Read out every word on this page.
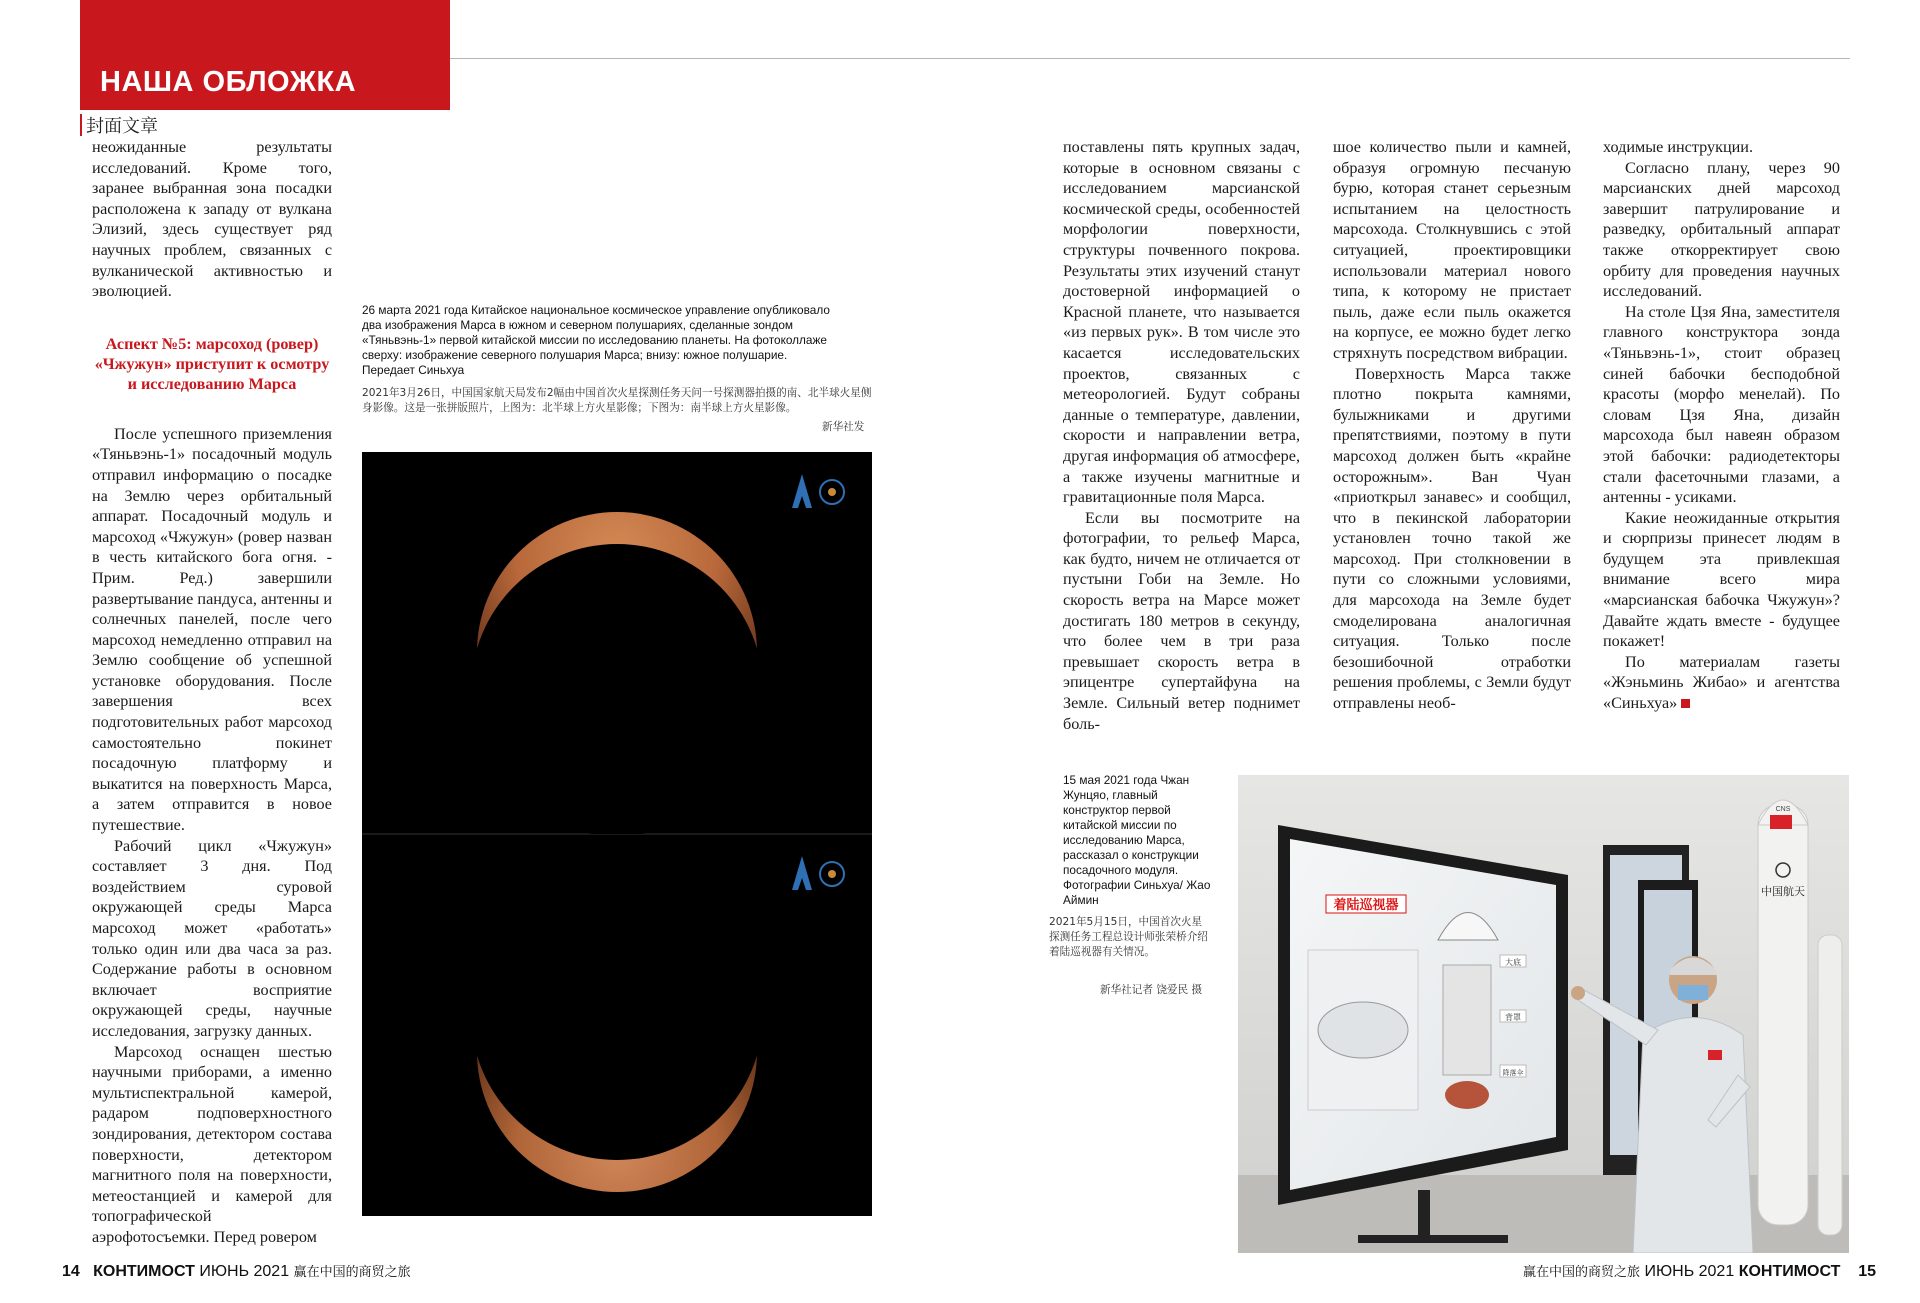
НАША ОБЛОЖКА
封面文章

неожиданные результаты исследований. Кроме того, заранее выбранная зона посадки расположена к западу от вулкана Элизий, здесь существует ряд научных проблем, связанных с вулканической активностью и эволюцией.

Аспект №5: марсоход (ровер) «Чжужун» приступит к осмотру и исследованию Марса

После успешного приземления «Тяньвэнь-1» посадочный модуль отправил информацию о посадке на Землю через орбитальный аппарат. Посадочный модуль и марсоход «Чжужун» (ровер назван в честь китайского бога огня. - Прим. Ред.) завершили развертывание пандуса, антенны и солнечных панелей, после чего марсоход немедленно отправил на Землю сообщение об успешной установке оборудования. После завершения всех подготовительных работ марсоход самостоятельно покинет посадочную платформу и выкатится на поверхность Марса, а затем отправится в новое путешествие.

Рабочий цикл «Чжужун» составляет 3 дня. Под воздействием суровой окружающей среды Марса марсоход может «работать» только один или два часа за раз. Содержание работы в основном включает восприятие окружающей среды, научные исследования, загрузку данных.

Марсоход оснащен шестью научными приборами, а именно мультиспектральной камерой, радаром подповерхностного зондирования, детектором состава поверхности, детектором магнитного поля на поверхности, метеостанцией и камерой для топографической аэрофотосъемки. Перед ровером

26 марта 2021 года Китайское национальное космическое управление опубликовало два изображения Марса в южном и северном полушариях, сделанные зондом «Тяньвэнь-1» первой китайской миссии по исследованию планеты. На фотоколлаже сверху: изображение северного полушария Марса; внизу: южное полушарие. Передает Синьхуа
2021年3月26日，中国国家航天局发布2幅由中国首次火星探测任务天问一号探测器拍摄的南、北半球火星侧身影像。这是一张拼版照片，上图为：北半球上方火星影像；下图为：南半球上方火星影像。
新华社发

поставлены пять крупных задач, которые в основном связаны с исследованием марсианской космической среды, особенностей морфологии поверхности, структуры почвенного покрова. Результаты этих изучений станут достоверной информацией о Красной планете, что называется «из первых рук». В том числе это касается исследовательских проектов, связанных с метеорологией. Будут собраны данные о температуре, давлении, скорости и направлении ветра, другая информация об атмосфере, а также изучены магнитные и гравитационные поля Марса.

Если вы посмотрите на фотографии, то рельеф Марса, как будто, ничем не отличается от пустыни Гоби на Земле. Но скорость ветра на Марсе может достигать 180 метров в секунду, что более чем в три раза превышает скорость ветра в эпицентре супертайфуна на Земле. Сильный ветер поднимет боль-

шое количество пыли и камней, образуя огромную песчаную бурю, которая станет серьезным испытанием на целостность марсохода. Столкнувшись с этой ситуацией, проектировщики использовали материал нового типа, к которому не пристает пыль, даже если пыль окажется на корпусе, ее можно будет легко стряхнуть посредством вибрации.

Поверхность Марса также плотно покрыта камнями, булыжниками и другими препятствиями, поэтому в пути марсоход должен быть «крайне осторожным». Ван Чуан «приоткрыл занавес» и сообщил, что в пекинской лаборатории установлен точно такой же марсоход. При столкновении в пути со сложными условиями, для марсохода на Земле будет смоделирована аналогичная ситуация. Только после безошибочной отработки решения проблемы, с Земли будут отправлены необ-

ходимые инструкции.

Согласно плану, через 90 марсианских дней марсоход завершит патрулирование и разведку, орбитальный аппарат также откорректирует свою орбиту для проведения научных исследований.

На столе Цзя Яна, заместителя главного конструктора зонда «Тяньвэнь-1», стоит образец синей бабочки бесподобной красоты (морфо менелай). По словам Цзя Яна, дизайн марсохода был навеян образом этой бабочки: радиодетекторы стали фасеточными глазами, а антенны - усиками.

Какие неожиданные открытия и сюрпризы принесет людям в будущем эта привлекшая внимание всего мира «марсианская бабочка Чжужун»? Давайте ждать вместе - будущее покажет!

По материалам газеты «Жэньминь Жибао» и агентства «Синьхуа»

15 мая 2021 года Чжан Жунцяо, главный конструктор первой китайской миссии по исследованию Марса, рассказал о конструкции посадочного модуля. Фотографии Синьхуа/ Жао Аймин
2021年5月15日，中国首次火星探测任务工程总设计师张荣桥介绍着陆巡视器有关情况。
新华社记者 饶爱民 摄
中国航天
CNS
着陆巡视器
大底
背罩
降落伞
14 КОНТИМОСТ ИЮНЬ 2021 赢在中国的商贸之旅	赢在中国的商贸之旅 ИЮНЬ 2021 КОНТИМОСТ 15
